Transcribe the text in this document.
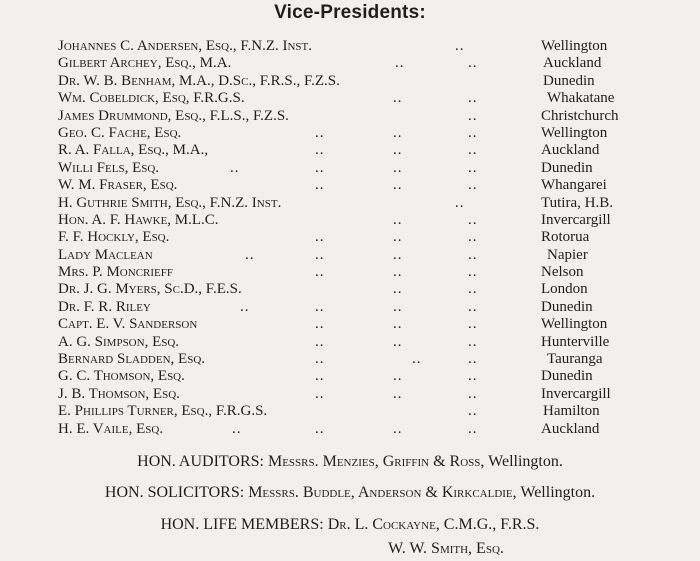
Vice-Presidents:
Johannes C. Andersen, Esq., F.N.Z. Inst.	..	Wellington
Gilbert Archey, Esq., M.A.	..	..	Auckland
Dr. W. B. Benham, M.A., D.Sc., F.R.S., F.Z.S.	Dunedin
Wm. Cobeldick, Esq, F.R.G.S.	..	..	Whakatane
James Drummond, Esq., F.L.S., F.Z.S.	..	Christchurch
Geo. C. Fache, Esq.	..	..	..	Wellington
R. A. Falla, Esq., M.A.,	..	..	..	Auckland
Willi Fels, Esq.	..	..	..	..	Dunedin
W. M. Fraser, Esq.	..	..	..	Whangarei
H. Guthrie Smith, Esq., F.N.Z. Inst.	..	Tutira, H.B.
Hon. A. F. Hawke, M.L.C.	..	..	Invercargill
F. F. Hockly, Esq.	..	..	..	Rotorua
Lady Maclean	..	..	..	..	Napier
Mrs. P. Moncrieff	..	..	..	Nelson
Dr. J. G. Myers, Sc.D., F.E.S.	..	..	London
Dr. F. R. Riley	..	..	..	..	Dunedin
Capt. E. V. Sanderson	..	..	..	Wellington
A. G. Simpson, Esq.	..	..	..	Hunterville
Bernard Sladden, Esq.	..	..	..	Tauranga
G. C. Thomson, Esq.	..	..	..	Dunedin
J. B. Thomson, Esq.	..	..	..	Invercargill
E. Phillips Turner, Esq., F.R.G.S.	..	Hamilton
H. E. Vaile, Esq.	..	..	..	..	Auckland
HON. AUDITORS: Messrs. Menzies, Griffin & Ross, Wellington.
HON. SOLICITORS: Messrs. Buddle, Anderson & Kirkcaldie, Wellington.
HON. LIFE MEMBERS: Dr. L. Cockayne, C.M.G., F.R.S.
W. W. Smith, Esq.
